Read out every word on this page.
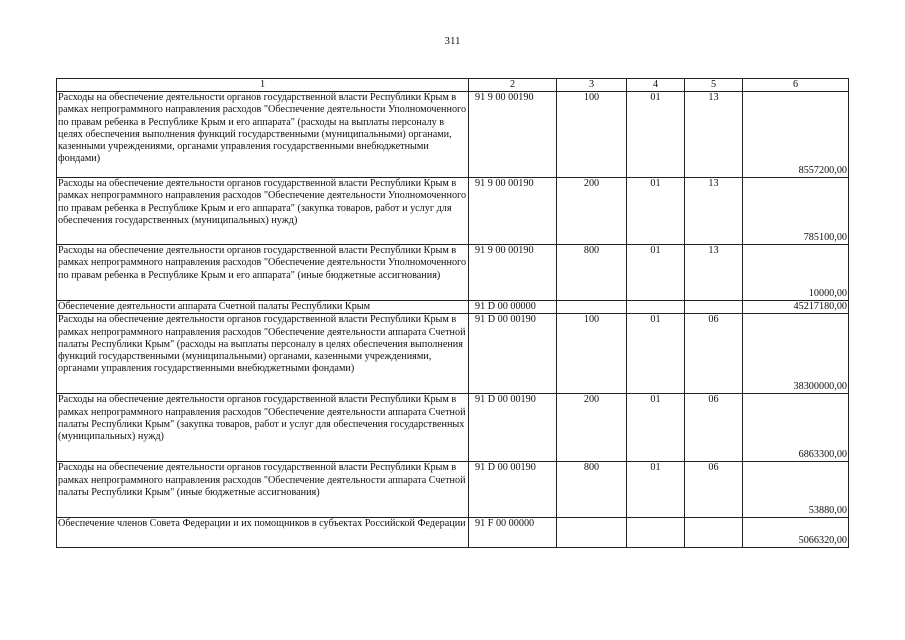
311
1	2	3	4	5	6
Расходы на обеспечение деятельности органов государственной власти Республики Крым в рамках непрограммного направления расходов "Обеспечение деятельности Уполномоченного по правам ребенка в Республике Крым и его аппарата" (расходы на выплаты персоналу в целях обеспечения выполнения функций государственными (муниципальными) органами, казенными учреждениями, органами управления государственными внебюджетными фондами)	91 9 00 00190	100	01	13	8557200,00
Расходы на обеспечение деятельности органов государственной власти Республики Крым в рамках непрограммного направления расходов "Обеспечение деятельности Уполномоченного по правам ребенка в Республике Крым и его аппарата" (закупка товаров, работ и услуг для обеспечения государственных (муниципальных) нужд)	91 9 00 00190	200	01	13	785100,00
Расходы на обеспечение деятельности органов государственной власти Республики Крым в рамках непрограммного направления расходов "Обеспечение деятельности Уполномоченного по правам ребенка в Республике Крым и его аппарата" (иные бюджетные ассигнования)	91 9 00 00190	800	01	13	10000,00
Обеспечение деятельности аппарата Счетной палаты Республики Крым	91 D 00 00000				45217180,00
Расходы на обеспечение деятельности органов государственной власти Республики Крым в рамках непрограммного направления расходов "Обеспечение деятельности аппарата Счетной палаты Республики Крым" (расходы на выплаты персоналу в целях обеспечения выполнения функций государственными (муниципальными) органами, казенными учреждениями, органами управления государственными внебюджетными фондами)	91 D 00 00190	100	01	06	38300000,00
Расходы на обеспечение деятельности органов государственной власти Республики Крым в рамках непрограммного направления расходов "Обеспечение деятельности аппарата Счетной палаты Республики Крым" (закупка товаров, работ и услуг для обеспечения государственных (муниципальных) нужд)	91 D 00 00190	200	01	06	6863300,00
Расходы на обеспечение деятельности органов государственной власти Республики Крым в рамках непрограммного направления расходов "Обеспечение деятельности аппарата Счетной палаты Республики Крым" (иные бюджетные ассигнования)	91 D 00 00190	800	01	06	53880,00
Обеспечение членов Совета Федерации и их помощников в субъектах Российской Федерации	91 F 00 00000				5066320,00
